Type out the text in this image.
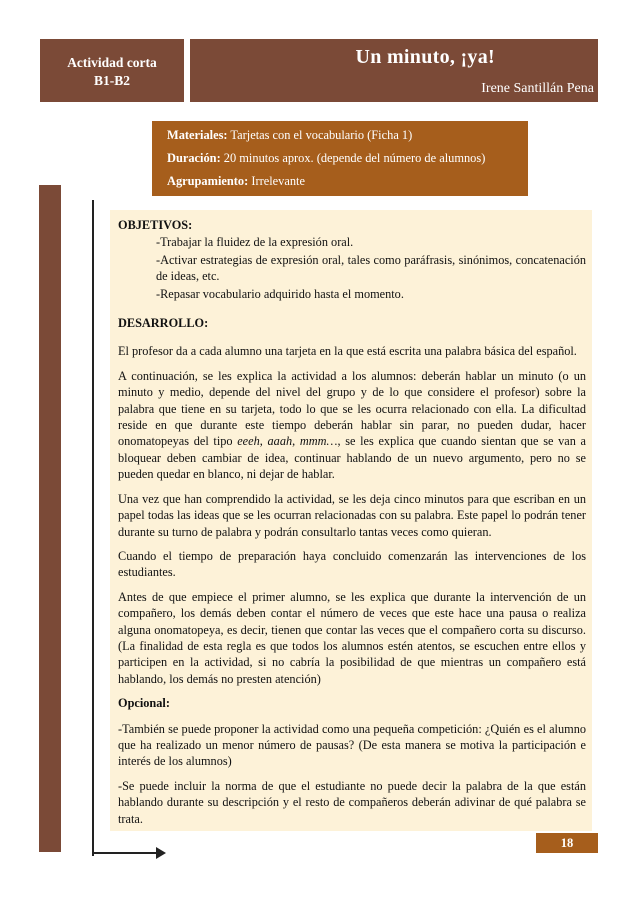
Actividad corta
B1-B2
Un minuto, ¡ya!
Irene Santillán Pena
Materiales: Tarjetas con el vocabulario (Ficha 1)
Duración: 20 minutos aprox. (depende del número de alumnos)
Agrupamiento: Irrelevante
OBJETIVOS:
-Trabajar la fluidez de la expresión oral.
-Activar estrategias de expresión oral, tales como paráfrasis, sinónimos, concatenación de ideas, etc.
-Repasar vocabulario adquirido hasta el momento.
DESARROLLO:

El profesor da a cada alumno una tarjeta en la que está escrita una palabra básica del español.

A continuación, se les explica la actividad a los alumnos: deberán hablar un minuto (o un minuto y medio, depende del nivel del grupo y de lo que considere el profesor) sobre la palabra que tiene en su tarjeta, todo lo que se les ocurra relacionado con ella. La dificultad reside en que durante este tiempo deberán hablar sin parar, no pueden dudar, hacer onomatopeyas del tipo eeeh, aaah, mmm…, se les explica que cuando sientan que se van a bloquear deben cambiar de idea, continuar hablando de un nuevo argumento, pero no se pueden quedar en blanco, ni dejar de hablar.

Una vez que han comprendido la actividad, se les deja cinco minutos para que escriban en un papel todas las ideas que se les ocurran relacionadas con su palabra. Este papel lo podrán tener durante su turno de palabra y podrán consultarlo tantas veces como quieran.

Cuando el tiempo de preparación haya concluido comenzarán las intervenciones de los estudiantes.

Antes de que empiece el primer alumno, se les explica que durante la intervención de un compañero, los demás deben contar el número de veces que este hace una pausa o realiza alguna onomatopeya, es decir, tienen que contar las veces que el compañero corta su discurso. (La finalidad de esta regla es que todos los alumnos estén atentos, se escuchen entre ellos y participen en la actividad, si no cabría la posibilidad de que mientras un compañero está hablando, los demás no presten atención)

Opcional:

-También se puede proponer la actividad como una pequeña competición: ¿Quién es el alumno que ha realizado un menor número de pausas? (De esta manera se motiva la participación e interés de los alumnos)

-Se puede incluir la norma de que el estudiante no puede decir la palabra de la que están hablando durante su descripción y el resto de compañeros deberán adivinar de qué palabra se trata.

18
